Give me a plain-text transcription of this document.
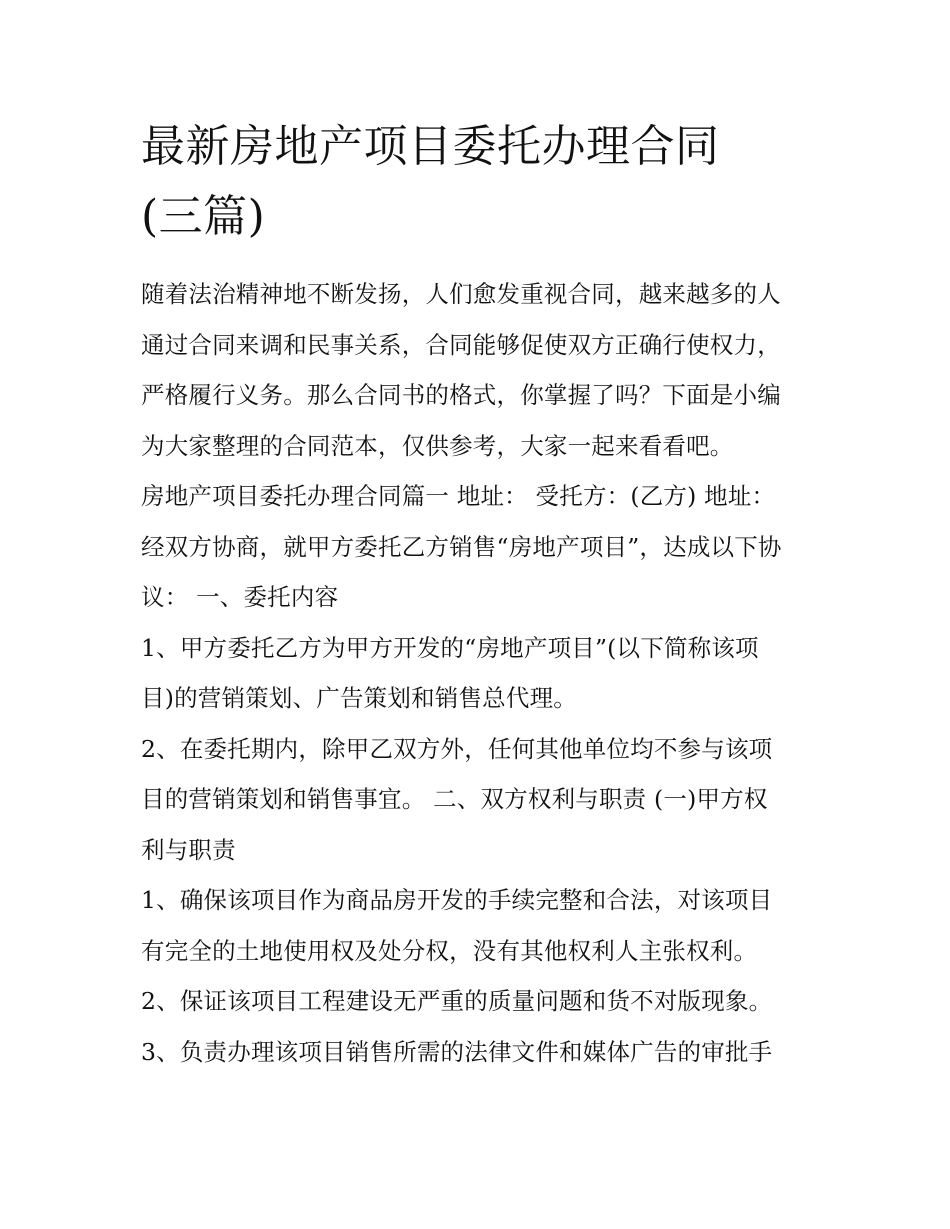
最新房地产项目委托办理合同
(三篇)

随着法治精神地不断发扬，人们愈发重视合同，越来越多的人
通过合同来调和民事关系，合同能够促使双方正确行使权力，
严格履行义务。那么合同书的格式，你掌握了吗？下面是小编
为大家整理的合同范本，仅供参考，大家一起来看看吧。

房地产项目委托办理合同篇一 地址： 受托方：(乙方) 地址：
经双方协商，就甲方委托乙方销售“房地产项目”，达成以下协
议： 一、委托内容

1、甲方委托乙方为甲方开发的“房地产项目”(以下简称该项
目)的营销策划、广告策划和销售总代理。

2、在委托期内，除甲乙双方外，任何其他单位均不参与该项
目的营销策划和销售事宜。 二、双方权利与职责 (一)甲方权
利与职责

1、确保该项目作为商品房开发的手续完整和合法，对该项目
有完全的土地使用权及处分权，没有其他权利人主张权利。

2、保证该项目工程建设无严重的质量问题和货不对版现象。

3、负责办理该项目销售所需的法律文件和媒体广告的审批手
